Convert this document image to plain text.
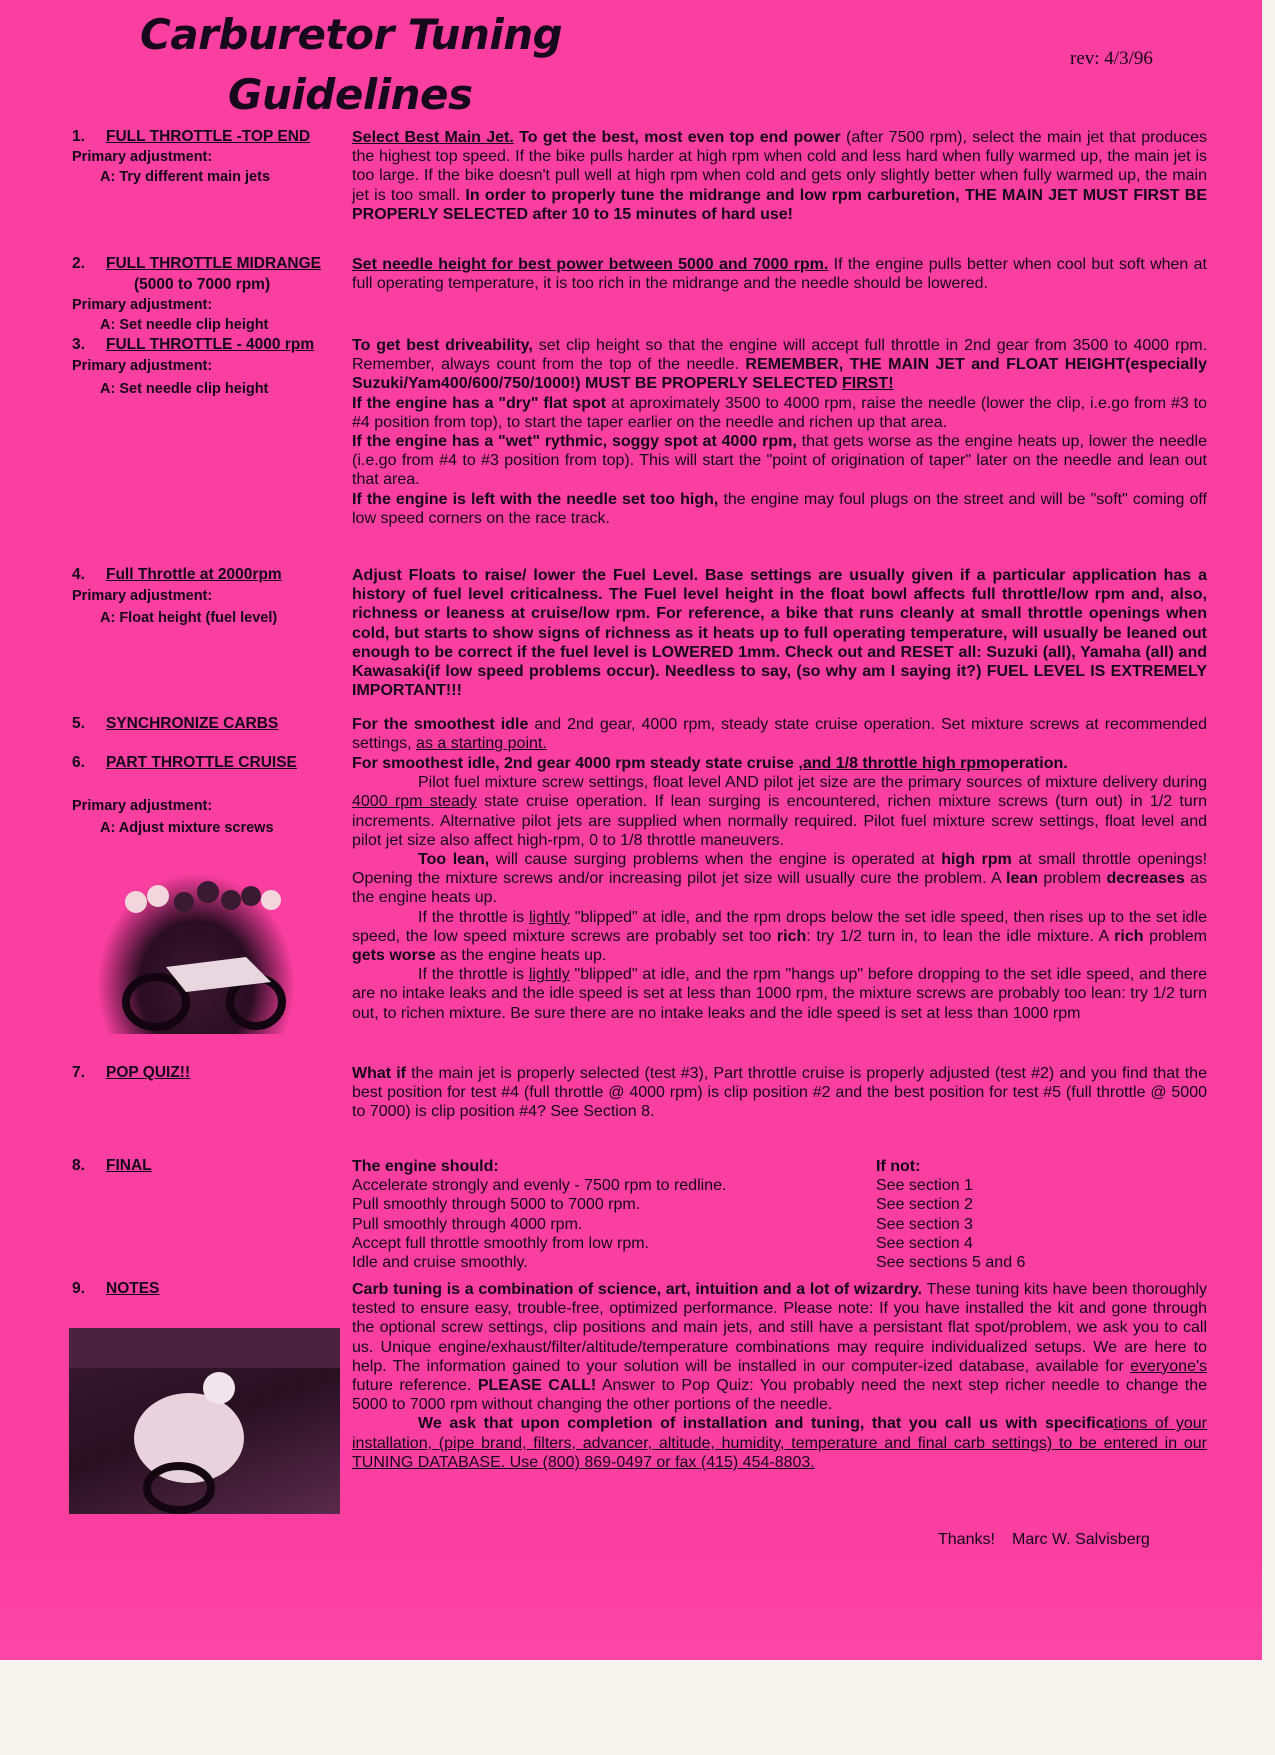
Carburetor Tuning
Guidelines
rev: 4/3/96
1. FULL THROTTLE -TOP END
Primary adjustment:
A: Try different main jets
2. FULL THROTTLE MIDRANGE
(5000 to 7000 rpm)
Primary adjustment:
A: Set needle clip height
3. FULL THROTTLE - 4000 rpm
Primary adjustment:
A: Set needle clip height
4. Full Throttle at 2000rpm
Primary adjustment:
A: Float height (fuel level)
5. SYNCHRONIZE CARBS
6. PART THROTTLE CRUISE
Primary adjustment:
A: Adjust mixture screws
7. POP QUIZ!!
8. FINAL
9. NOTES

Select Best Main Jet. To get the best, most even top end power (after 7500 rpm), select the main jet that produces the highest top speed. If the bike pulls harder at high rpm when cold and less hard when fully warmed up, the main jet is too large. If the bike doesn't pull well at high rpm when cold and gets only slightly better when fully warmed up, the main jet is too small. In order to properly tune the midrange and low rpm carburetion, THE MAIN JET MUST FIRST BE PROPERLY SELECTED after 10 to 15 minutes of hard use!

Set needle height for best power between 5000 and 7000 rpm. If the engine pulls better when cool but soft when at full operating temperature, it is too rich in the midrange and the needle should be lowered.

To get best driveability, set clip height so that the engine will accept full throttle in 2nd gear from 3500 to 4000 rpm. Remember, always count from the top of the needle. REMEMBER, THE MAIN JET and FLOAT HEIGHT(especially Suzuki/Yam400/600/750/1000!) MUST BE PROPERLY SELECTED FIRST!

If the engine has a "dry" flat spot at aproximately 3500 to 4000 rpm, raise the needle (lower the clip, i.e.go from #3 to #4 position from top), to start the taper earlier on the needle and richen up that area.

If the engine has a "wet" rythmic, soggy spot at 4000 rpm, that gets worse as the engine heats up, lower the needle (i.e.go from #4 to #3 position from top). This will start the "point of origination of taper" later on the needle and lean out that area.

If the engine is left with the needle set too high, the engine may foul plugs on the street and will be "soft" coming off low speed corners on the race track.

Adjust Floats to raise/ lower the Fuel Level. Base settings are usually given if a particular application has a history of fuel level criticalness. The Fuel level height in the float bowl affects full throttle/low rpm and, also, richness or leaness at cruise/low rpm. For reference, a bike that runs cleanly at small throttle openings when cold, but starts to show signs of richness as it heats up to full operating temperature, will usually be leaned out enough to be correct if the fuel level is LOWERED 1mm. Check out and RESET all: Suzuki (all), Yamaha (all) and Kawasaki(if low speed problems occur). Needless to say, (so why am I saying it?) FUEL LEVEL IS EXTREMELY IMPORTANT!!!

For the smoothest idle and 2nd gear, 4000 rpm, steady state cruise operation. Set mixture screws at recommended settings, as a starting point.

For smoothest idle, 2nd gear 4000 rpm steady state cruise ,and 1/8 throttle high rpmoperation.

Pilot fuel mixture screw settings, float level AND pilot jet size are the primary sources of mixture delivery during 4000 rpm steady state cruise operation. If lean surging is encountered, richen mixture screws (turn out) in 1/2 turn increments. Alternative pilot jets are supplied when normally required. Pilot fuel mixture screw settings, float level and pilot jet size also affect high-rpm, 0 to 1/8 throttle maneuvers.

Too lean, will cause surging problems when the engine is operated at high rpm at small throttle openings! Opening the mixture screws and/or increasing pilot jet size will usually cure the problem. A lean problem decreases as the engine heats up.

If the throttle is lightly "blipped" at idle, and the rpm drops below the set idle speed, then rises up to the set idle speed, the low speed mixture screws are probably set too rich: try 1/2 turn in, to lean the idle mixture. A rich problem gets worse as the engine heats up.

If the throttle is lightly "blipped" at idle, and the rpm "hangs up" before dropping to the set idle speed, and there are no intake leaks and the idle speed is set at less than 1000 rpm, the mixture screws are probably too lean: try 1/2 turn out, to richen mixture. Be sure there are no intake leaks and the idle speed is set at less than 1000 rpm

What if the main jet is properly selected (test #3), Part throttle cruise is properly adjusted (test #2) and you find that the best position for test #4 (full throttle @ 4000 rpm) is clip position #2 and the best position for test #5 (full throttle @ 5000 to 7000) is clip position #4? See Section 8.

The engine should:	If not:
Accelerate strongly and evenly - 7500 rpm to redline.	See section 1
Pull smoothly through 5000 to 7000 rpm.	See section 2
Pull smoothly through 4000 rpm.	See section 3
Accept full throttle smoothly from low rpm.	See section 4
Idle and cruise smoothly.	See sections 5 and 6

Carb tuning is a combination of science, art, intuition and a lot of wizardry. These tuning kits have been thoroughly tested to ensure easy, trouble-free, optimized performance. Please note: If you have installed the kit and gone through the optional screw settings, clip positions and main jets, and still have a persistant flat spot/problem, we ask you to call us. Unique engine/exhaust/filter/altitude/temperature combinations may require individualized setups. We are here to help. The information gained to your solution will be installed in our computer-ized database, available for everyone's future reference. PLEASE CALL! Answer to Pop Quiz: You probably need the next step richer needle to change the 5000 to 7000 rpm without changing the other portions of the needle.

We ask that upon completion of installation and tuning, that you call us with specifications of your installation, (pipe brand, filters, advancer, altitude, humidity, temperature and final carb settings) to be entered in our TUNING DATABASE. Use (800) 869-0497 or fax (415) 454-8803.

Thanks! Marc W. Salvisberg
